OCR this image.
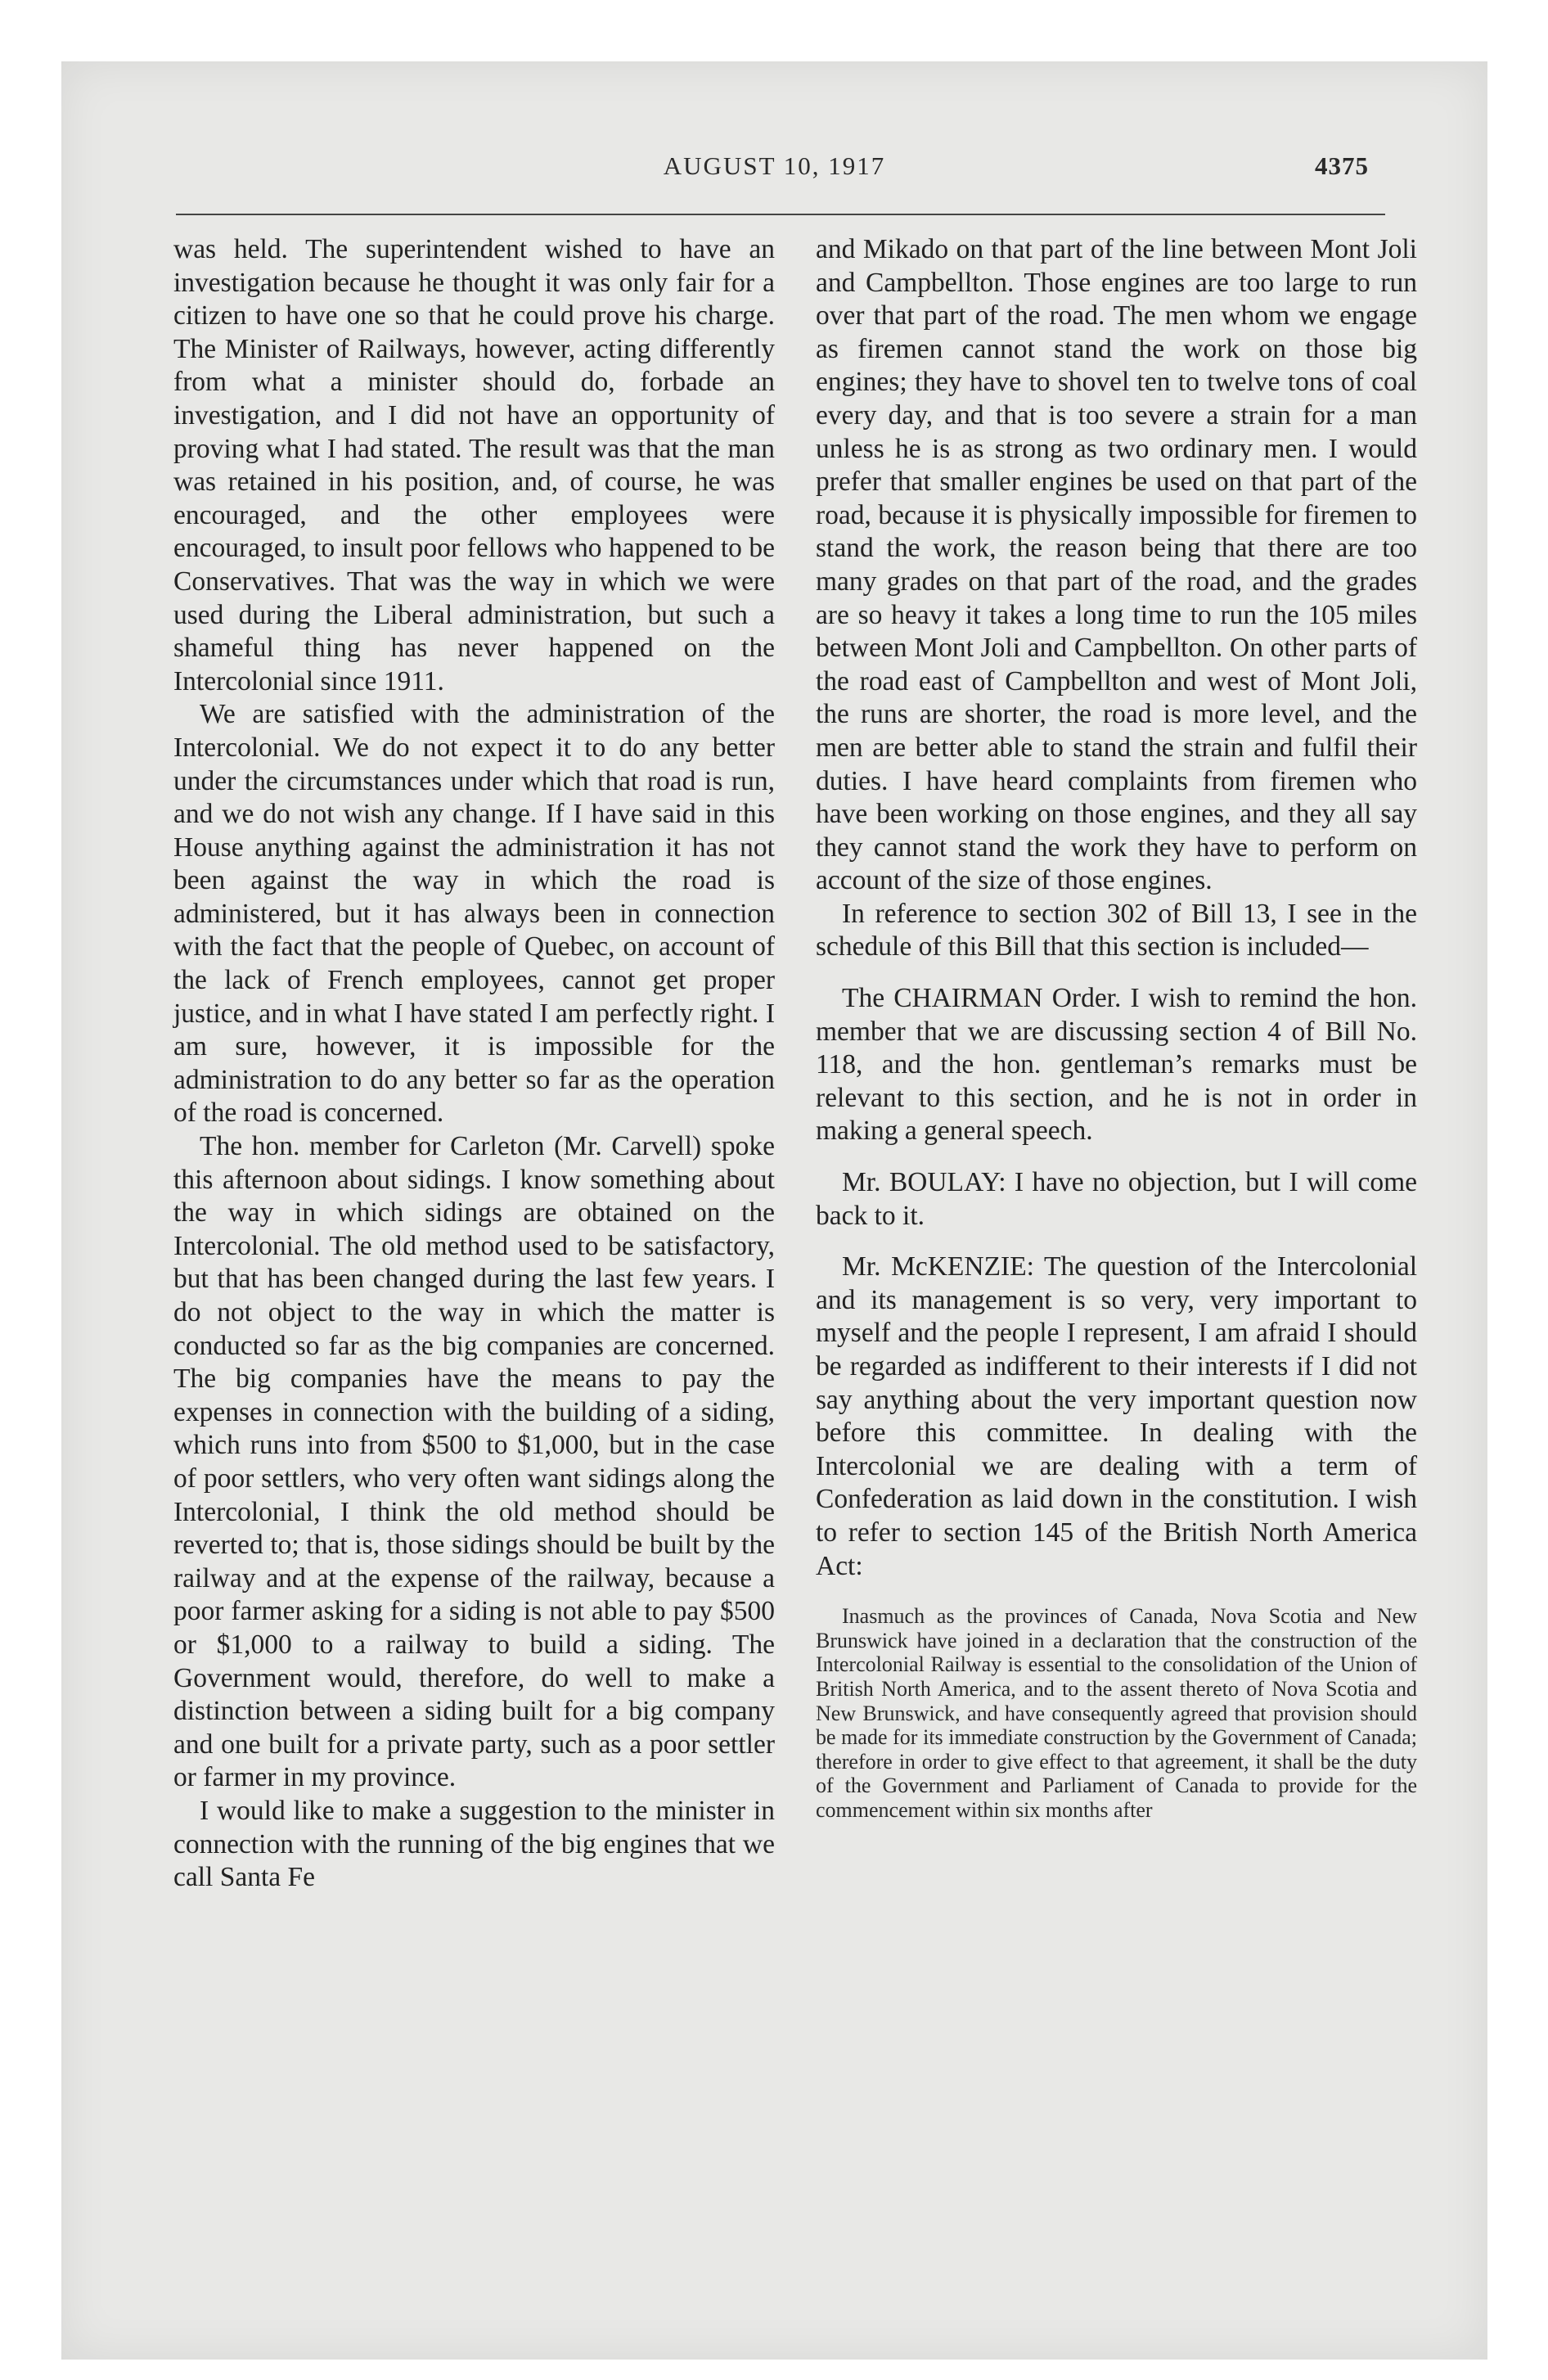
AUGUST 10, 1917	4375

was held. The superintendent wished to have an investigation because he thought it was only fair for a citizen to have one so that he could prove his charge. The Minister of Railways, however, acting differently from what a minister should do, forbade an investigation, and I did not have an opportunity of proving what I had stated. The result was that the man was retained in his position, and, of course, he was encouraged, and the other employees were encouraged, to insult poor fellows who happened to be Conservatives. That was the way in which we were used during the Liberal administration, but such a shameful thing has never happened on the Intercolonial since 1911.

We are satisfied with the administration of the Intercolonial. We do not expect it to do any better under the circumstances under which that road is run, and we do not wish any change. If I have said in this House anything against the administration it has not been against the way in which the road is administered, but it has always been in connection with the fact that the people of Quebec, on account of the lack of French employees, cannot get proper justice, and in what I have stated I am perfectly right. I am sure, however, it is impossible for the administration to do any better so far as the operation of the road is concerned.

The hon. member for Carleton (Mr. Carvell) spoke this afternoon about sidings. I know something about the way in which sidings are obtained on the Intercolonial. The old method used to be satisfactory, but that has been changed during the last few years. I do not object to the way in which the matter is conducted so far as the big companies are concerned. The big companies have the means to pay the expenses in connection with the building of a siding, which runs into from $500 to $1,000, but in the case of poor settlers, who very often want sidings along the Intercolonial, I think the old method should be reverted to; that is, those sidings should be built by the railway and at the expense of the railway, because a poor farmer asking for a siding is not able to pay $500 or $1,000 to a railway to build a siding. The Government would, therefore, do well to make a distinction between a siding built for a big company and one built for a private party, such as a poor settler or farmer in my province.

I would like to make a suggestion to the minister in connection with the running of the big engines that we call Santa Fe

and Mikado on that part of the line between Mont Joli and Campbellton. Those engines are too large to run over that part of the road. The men whom we engage as firemen cannot stand the work on those big engines; they have to shovel ten to twelve tons of coal every day, and that is too severe a strain for a man unless he is as strong as two ordinary men. I would prefer that smaller engines be used on that part of the road, because it is physically impossible for firemen to stand the work, the reason being that there are too many grades on that part of the road, and the grades are so heavy it takes a long time to run the 105 miles between Mont Joli and Campbellton. On other parts of the road east of Campbellton and west of Mont Joli, the runs are shorter, the road is more level, and the men are better able to stand the strain and fulfil their duties. I have heard complaints from firemen who have been working on those engines, and they all say they cannot stand the work they have to perform on account of the size of those engines.

In reference to section 302 of Bill 13, I see in the schedule of this Bill that this section is included—

The CHAIRMAN Order. I wish to remind the hon. member that we are discussing section 4 of Bill No. 118, and the hon. gentleman’s remarks must be relevant to this section, and he is not in order in making a general speech.

Mr. BOULAY: I have no objection, but I will come back to it.

Mr. McKENZIE: The question of the Intercolonial and its management is so very, very important to myself and the people I represent, I am afraid I should be regarded as indifferent to their interests if I did not say anything about the very important question now before this committee. In dealing with the Intercolonial we are dealing with a term of Confederation as laid down in the constitution. I wish to refer to section 145 of the British North America Act:

Inasmuch as the provinces of Canada, Nova Scotia and New Brunswick have joined in a declaration that the construction of the Intercolonial Railway is essential to the consolidation of the Union of British North America, and to the assent thereto of Nova Scotia and New Brunswick, and have consequently agreed that provision should be made for its immediate construction by the Government of Canada; therefore in order to give effect to that agreement, it shall be the duty of the Government and Parliament of Canada to provide for the commencement within six months after
